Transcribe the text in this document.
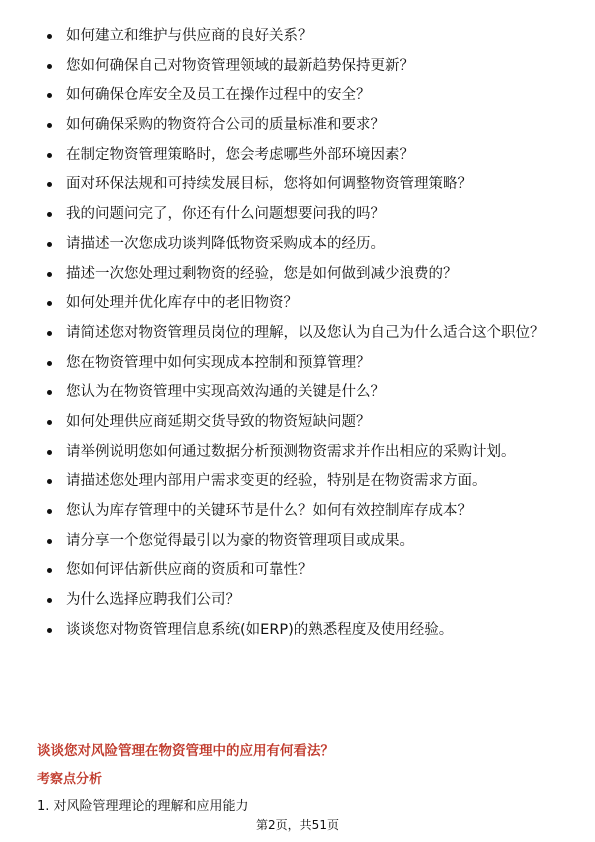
如何建立和维护与供应商的良好关系？
您如何确保自己对物资管理领域的最新趋势保持更新？
如何确保仓库安全及员工在操作过程中的安全？
如何确保采购的物资符合公司的质量标准和要求？
在制定物资管理策略时，您会考虑哪些外部环境因素？
面对环保法规和可持续发展目标，您将如何调整物资管理策略？
我的问题问完了，你还有什么问题想要问我的吗？
请描述一次您成功谈判降低物资采购成本的经历。
描述一次您处理过剩物资的经验，您是如何做到减少浪费的？
如何处理并优化库存中的老旧物资？
请简述您对物资管理员岗位的理解，以及您认为自己为什么适合这个职位？
您在物资管理中如何实现成本控制和预算管理？
您认为在物资管理中实现高效沟通的关键是什么？
如何处理供应商延期交货导致的物资短缺问题？
请举例说明您如何通过数据分析预测物资需求并作出相应的采购计划。
请描述您处理内部用户需求变更的经验，特别是在物资需求方面。
您认为库存管理中的关键环节是什么？如何有效控制库存成本？
请分享一个您觉得最引以为豪的物资管理项目或成果。
您如何评估新供应商的资质和可靠性？
为什么选择应聘我们公司？
谈谈您对物资管理信息系统(如ERP)的熟悉程度及使用经验。
谈谈您对风险管理在物资管理中的应用有何看法？
考察点分析
1. 对风险管理理论的理解和应用能力
第2页，共51页
